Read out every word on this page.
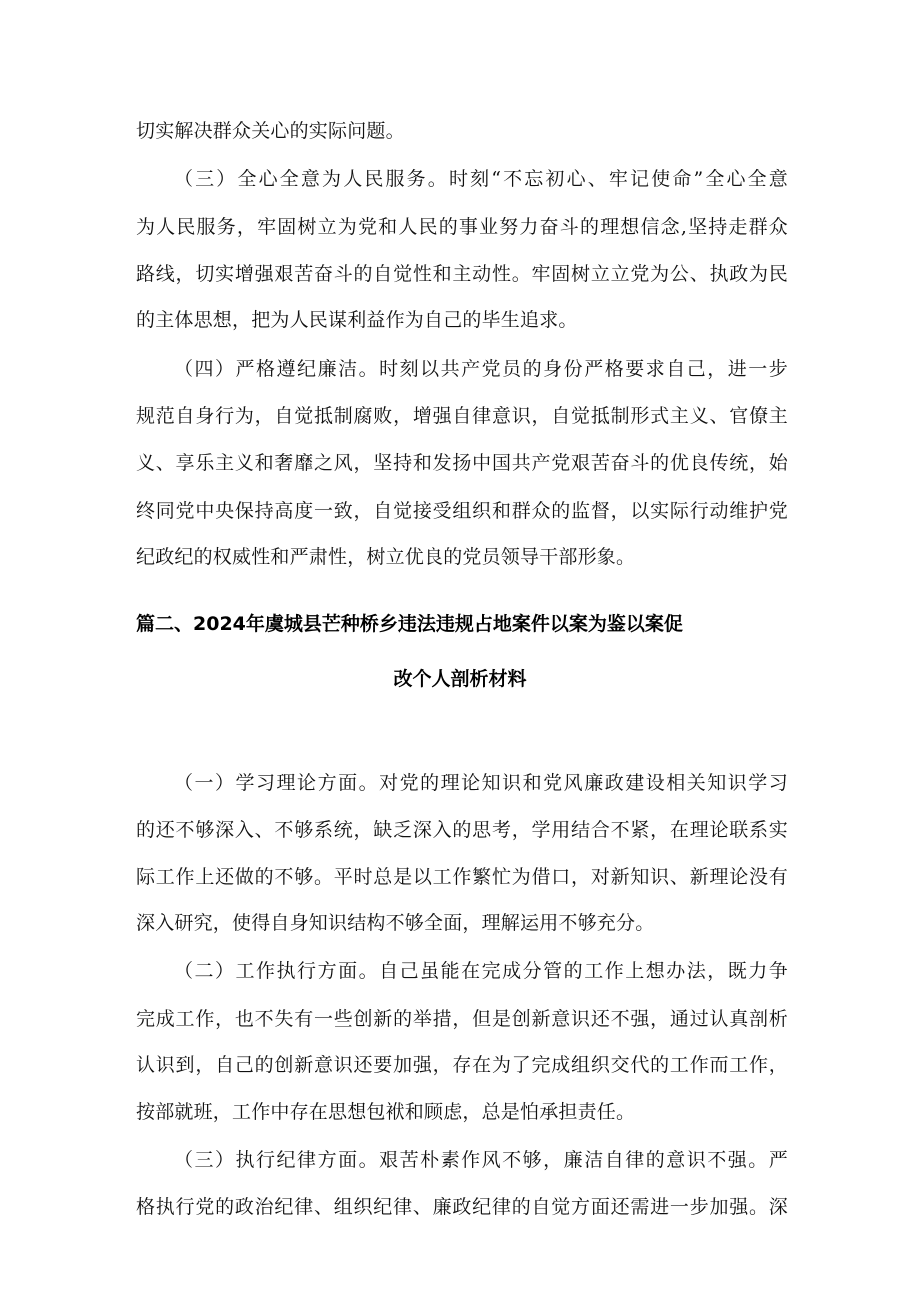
切实解决群众关心的实际问题。
（三）全心全意为人民服务。时刻“不忘初心、牢记使命”全心全意
为人民服务，牢固树立为党和人民的事业努力奋斗的理想信念,坚持走群众
路线，切实增强艰苦奋斗的自觉性和主动性。牢固树立立党为公、执政为民
的主体思想，把为人民谋利益作为自己的毕生追求。
（四）严格遵纪廉洁。时刻以共产党员的身份严格要求自己，进一步
规范自身行为，自觉抵制腐败，增强自律意识，自觉抵制形式主义、官僚主
义、享乐主义和奢靡之风，坚持和发扬中国共产党艰苦奋斗的优良传统，始
终同党中央保持高度一致，自觉接受组织和群众的监督，以实际行动维护党
纪政纪的权威性和严肃性，树立优良的党员领导干部形象。
篇二、2024年虞城县芒种桥乡违法违规占地案件以案为鉴以案促
改个人剖析材料
（一）学习理论方面。对党的理论知识和党风廉政建设相关知识学习
的还不够深入、不够系统，缺乏深入的思考，学用结合不紧，在理论联系实
际工作上还做的不够。平时总是以工作繁忙为借口，对新知识、新理论没有
深入研究，使得自身知识结构不够全面，理解运用不够充分。
（二）工作执行方面。自己虽能在完成分管的工作上想办法，既力争
完成工作，也不失有一些创新的举措，但是创新意识还不强，通过认真剖析
认识到，自己的创新意识还要加强，存在为了完成组织交代的工作而工作，
按部就班，工作中存在思想包袱和顾虑，总是怕承担责任。
（三）执行纪律方面。艰苦朴素作风不够，廉洁自律的意识不强。严
格执行党的政治纪律、组织纪律、廉政纪律的自觉方面还需进一步加强。深
